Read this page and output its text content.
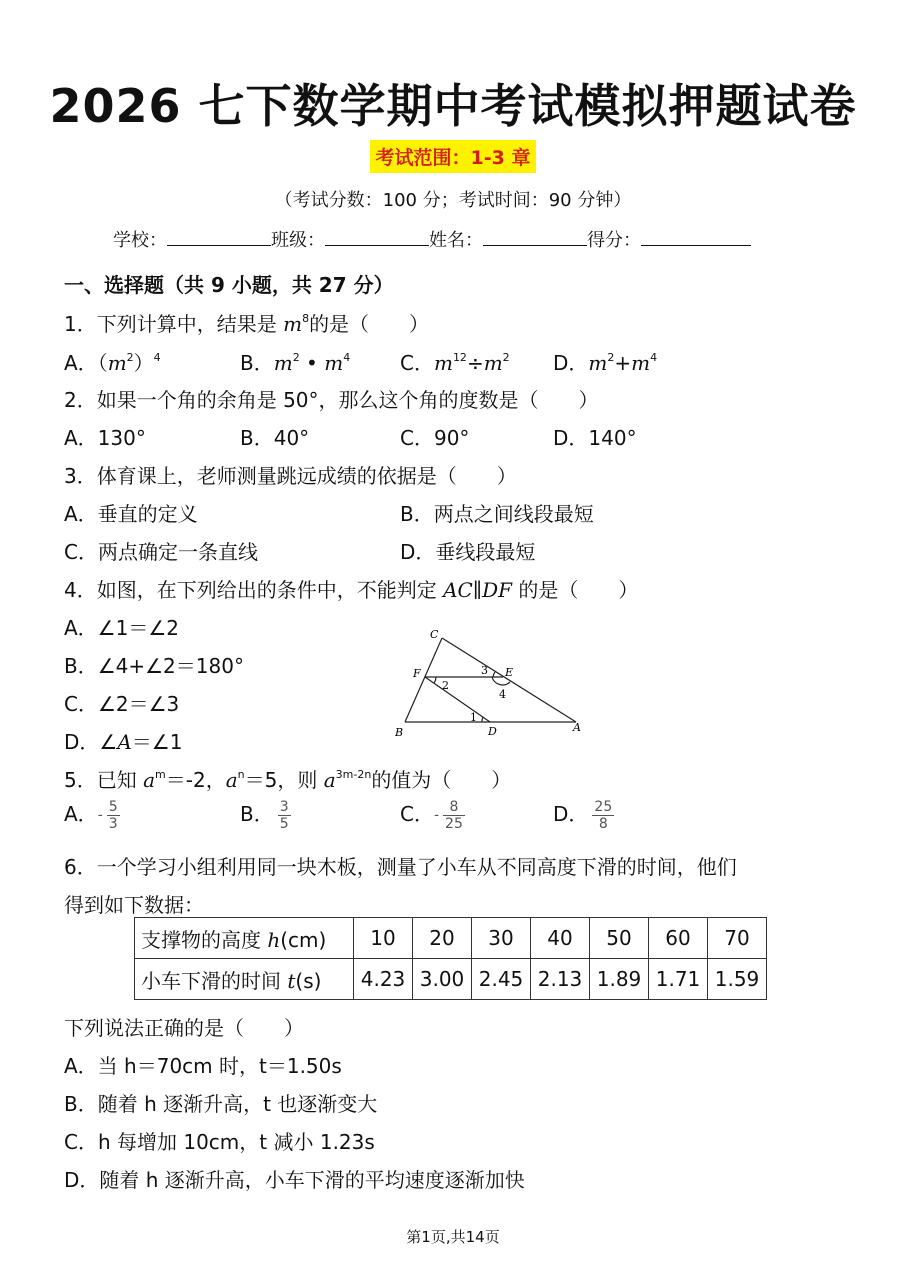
2026 七下数学期中考试模拟押题试卷
考试范围：1-3 章
（考试分数：100 分；考试时间：90 分钟）
学校：	班级：	姓名：	得分：
一、选择题（共 9 小题，共 27 分）
1．下列计算中，结果是 $m^8$的是（　　）
A．$(m^2)^4$	B．$m^2$ • $m^4$ C．$m^{12}\div m^2$ D．$m^2+m^4$
2．如果一个角的余角是 50°，那么这个角的度数是（　　）
A．130°	B．40°	C．90°	D．140°
3．体育课上，老师测量跳远成绩的依据是（　　）
A．垂直的定义	B．两点之间线段最短
C．两点确定一条直线	D．垂线段最短
4．如图，在下列给出的条件中，不能判定 AC∥DF 的是（　　）
A．∠1＝∠2
B．∠4+∠2＝180°
C．∠2＝∠3
D．∠A＝∠1
C
F	E
B	D	A
2
3
4
1
5．已知 $a^m=-2$，$a^n=5$，则 $a^{3m-2n}$的值为（　　）
A．- $\frac{5}{3}$	B． $\frac{3}{5}$	C．- $\frac{8}{25}$	D． $\frac{25}{8}$
6．一个学习小组利用同一块木板，测量了小车从不同高度下滑的时间，他们
得到如下数据：
支撑物的高度 h(cm)	10	20	30	40	50	60	70
小车下滑的时间 t(s)	4.23	3.00	2.45	2.13	1.89	1.71	1.59
下列说法正确的是（　　）
A．当 h＝70cm 时，t＝1.50s
B．随着 h 逐渐升高，t 也逐渐变大
C．h 每增加 10cm，t 减小 1.23s
D．随着 h 逐渐升高，小车下滑的平均速度逐渐加快
第1页,共14页
